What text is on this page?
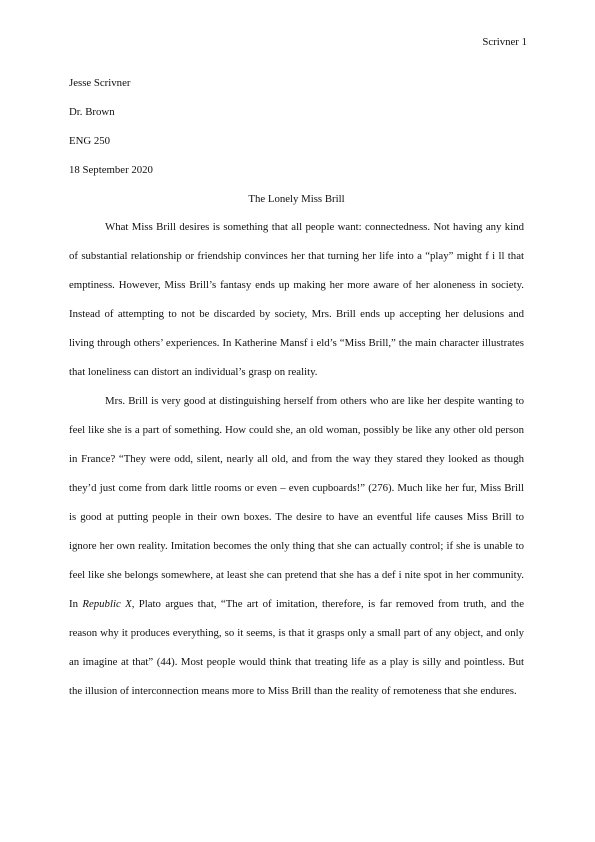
Scrivner 1

Jesse Scrivner

Dr. Brown

ENG 250

18 September 2020

The Lonely Miss Brill

What Miss Brill desires is something that all people want: connectedness. Not having any kind of substantial relationship or friendship convinces her that turning her life into a “play” might f i ll that emptiness. However, Miss Brill’s fantasy ends up making her more aware of her aloneness in society. Instead of attempting to not be discarded by society, Mrs. Brill ends up accepting her delusions and living through others’ experiences. In Katherine Mansf i eld’s “Miss Brill,” the main character illustrates that loneliness can distort an individual’s grasp on reality.

Mrs. Brill is very good at distinguishing herself from others who are like her despite wanting to feel like she is a part of something. How could she, an old woman, possibly be like any other old person in France? “They were odd, silent, nearly all old, and from the way they stared they looked as though they’d just come from dark little rooms or even – even cupboards!” (276). Much like her fur, Miss Brill is good at putting people in their own boxes. The desire to have an eventful life causes Miss Brill to ignore her own reality. Imitation becomes the only thing that she can actually control; if she is unable to feel like she belongs somewhere, at least she can pretend that she has a def i nite spot in her community. In Republic X, Plato argues that, “The art of imitation, therefore, is far removed from truth, and the reason why it produces everything, so it seems, is that it grasps only a small part of any object, and only an imagine at that” (44). Most people would think that treating life as a play is silly and pointless. But the illusion of interconnection means more to Miss Brill than the reality of remoteness that she endures.
